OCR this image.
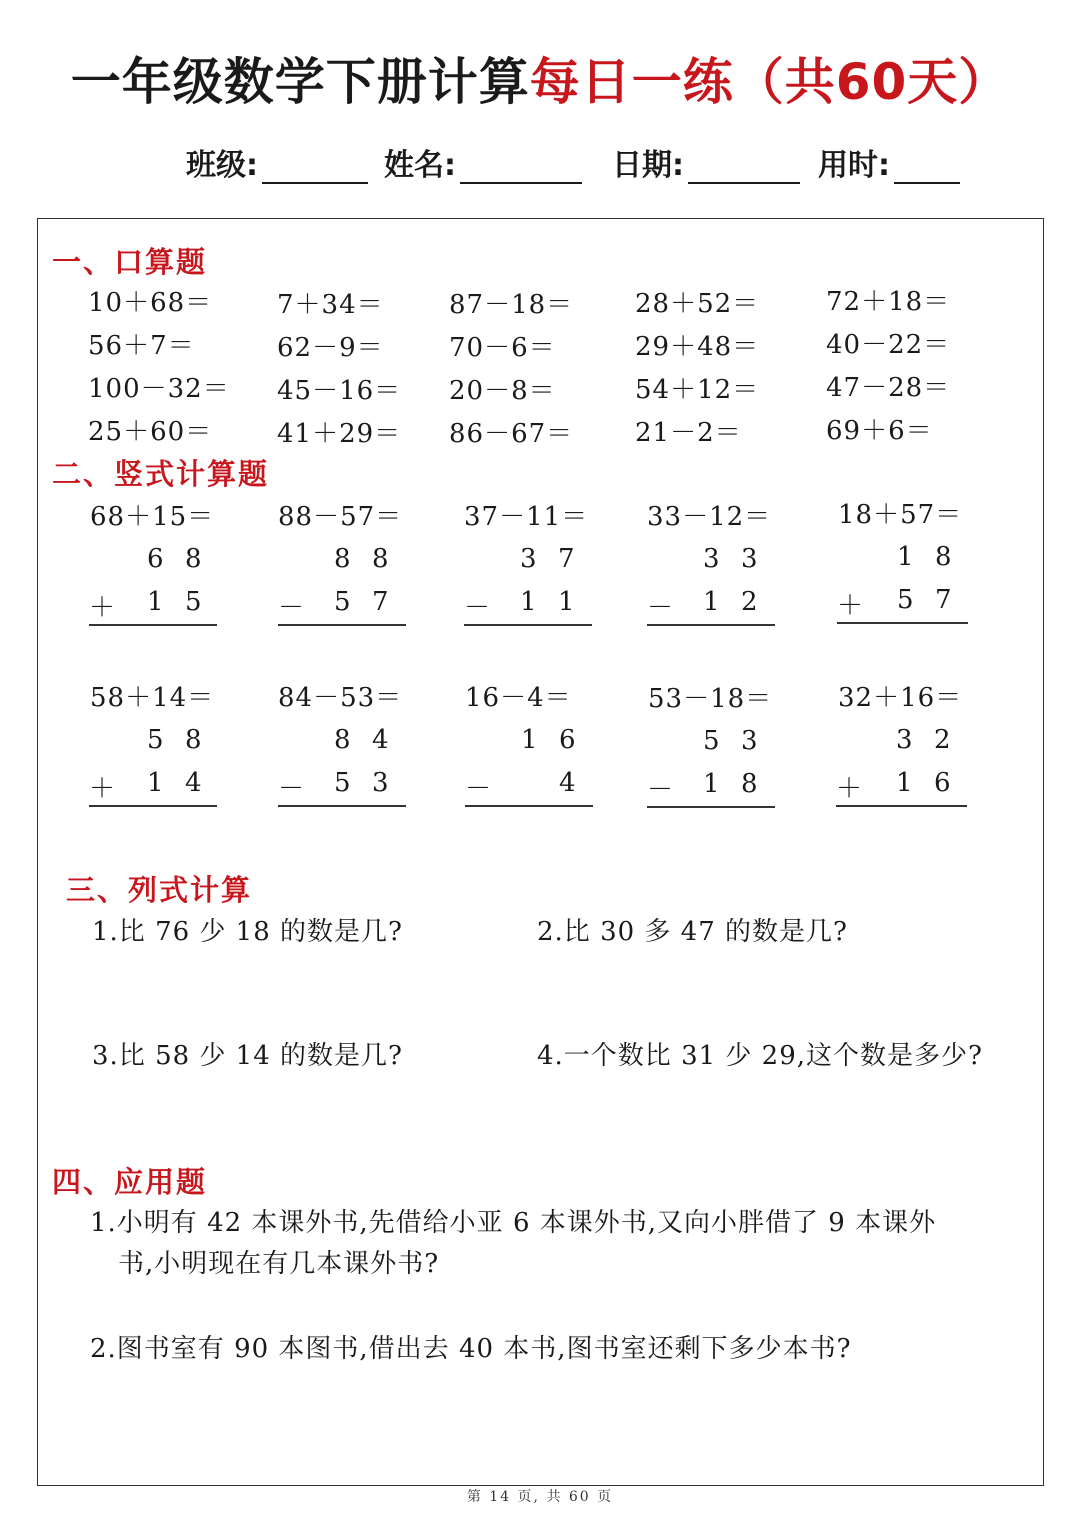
一年级数学下册计算每日一练（共60天）
班级:	姓名:	日期:	用时:
一、口算题
10＋68＝ 7＋34＝	87－18＝ 28＋52＝	72＋18＝
56＋7＝	62－9＝	70－6＝	29＋48＝	40－22＝
100－32＝ 45－16＝ 20－8＝	54＋12＝	47－28＝
25＋60＝ 41＋29＝ 86－67＝ 21－2＝	69＋6＝
二、竖式计算题
68＋15＝
6 8
＋ 1 5
88－57＝
8 8
－ 5 7
37－11＝
3 7
－ 1 1
33－12＝
3 3
－ 1 2
18＋57＝
1 8
＋ 5 7
58＋14＝
5 8
＋ 1 4
84－53＝
8 4
－ 5 3
16－4＝
1 6
－	4
53－18＝
5 3
－ 1 8
32＋16＝
3 2
＋ 1 6
三、列式计算
1.比 76 少 18 的数是几?	2.比 30 多 47 的数是几?
3.比 58 少 14 的数是几?	4.一个数比 31 少 29,这个数是多少?
四、应用题
1.小明有 42 本课外书,先借给小亚 6 本课外书,又向小胖借了 9 本课外
书,小明现在有几本课外书?
2.图书室有 90 本图书,借出去 40 本书,图书室还剩下多少本书?
第 14 页, 共 60 页
